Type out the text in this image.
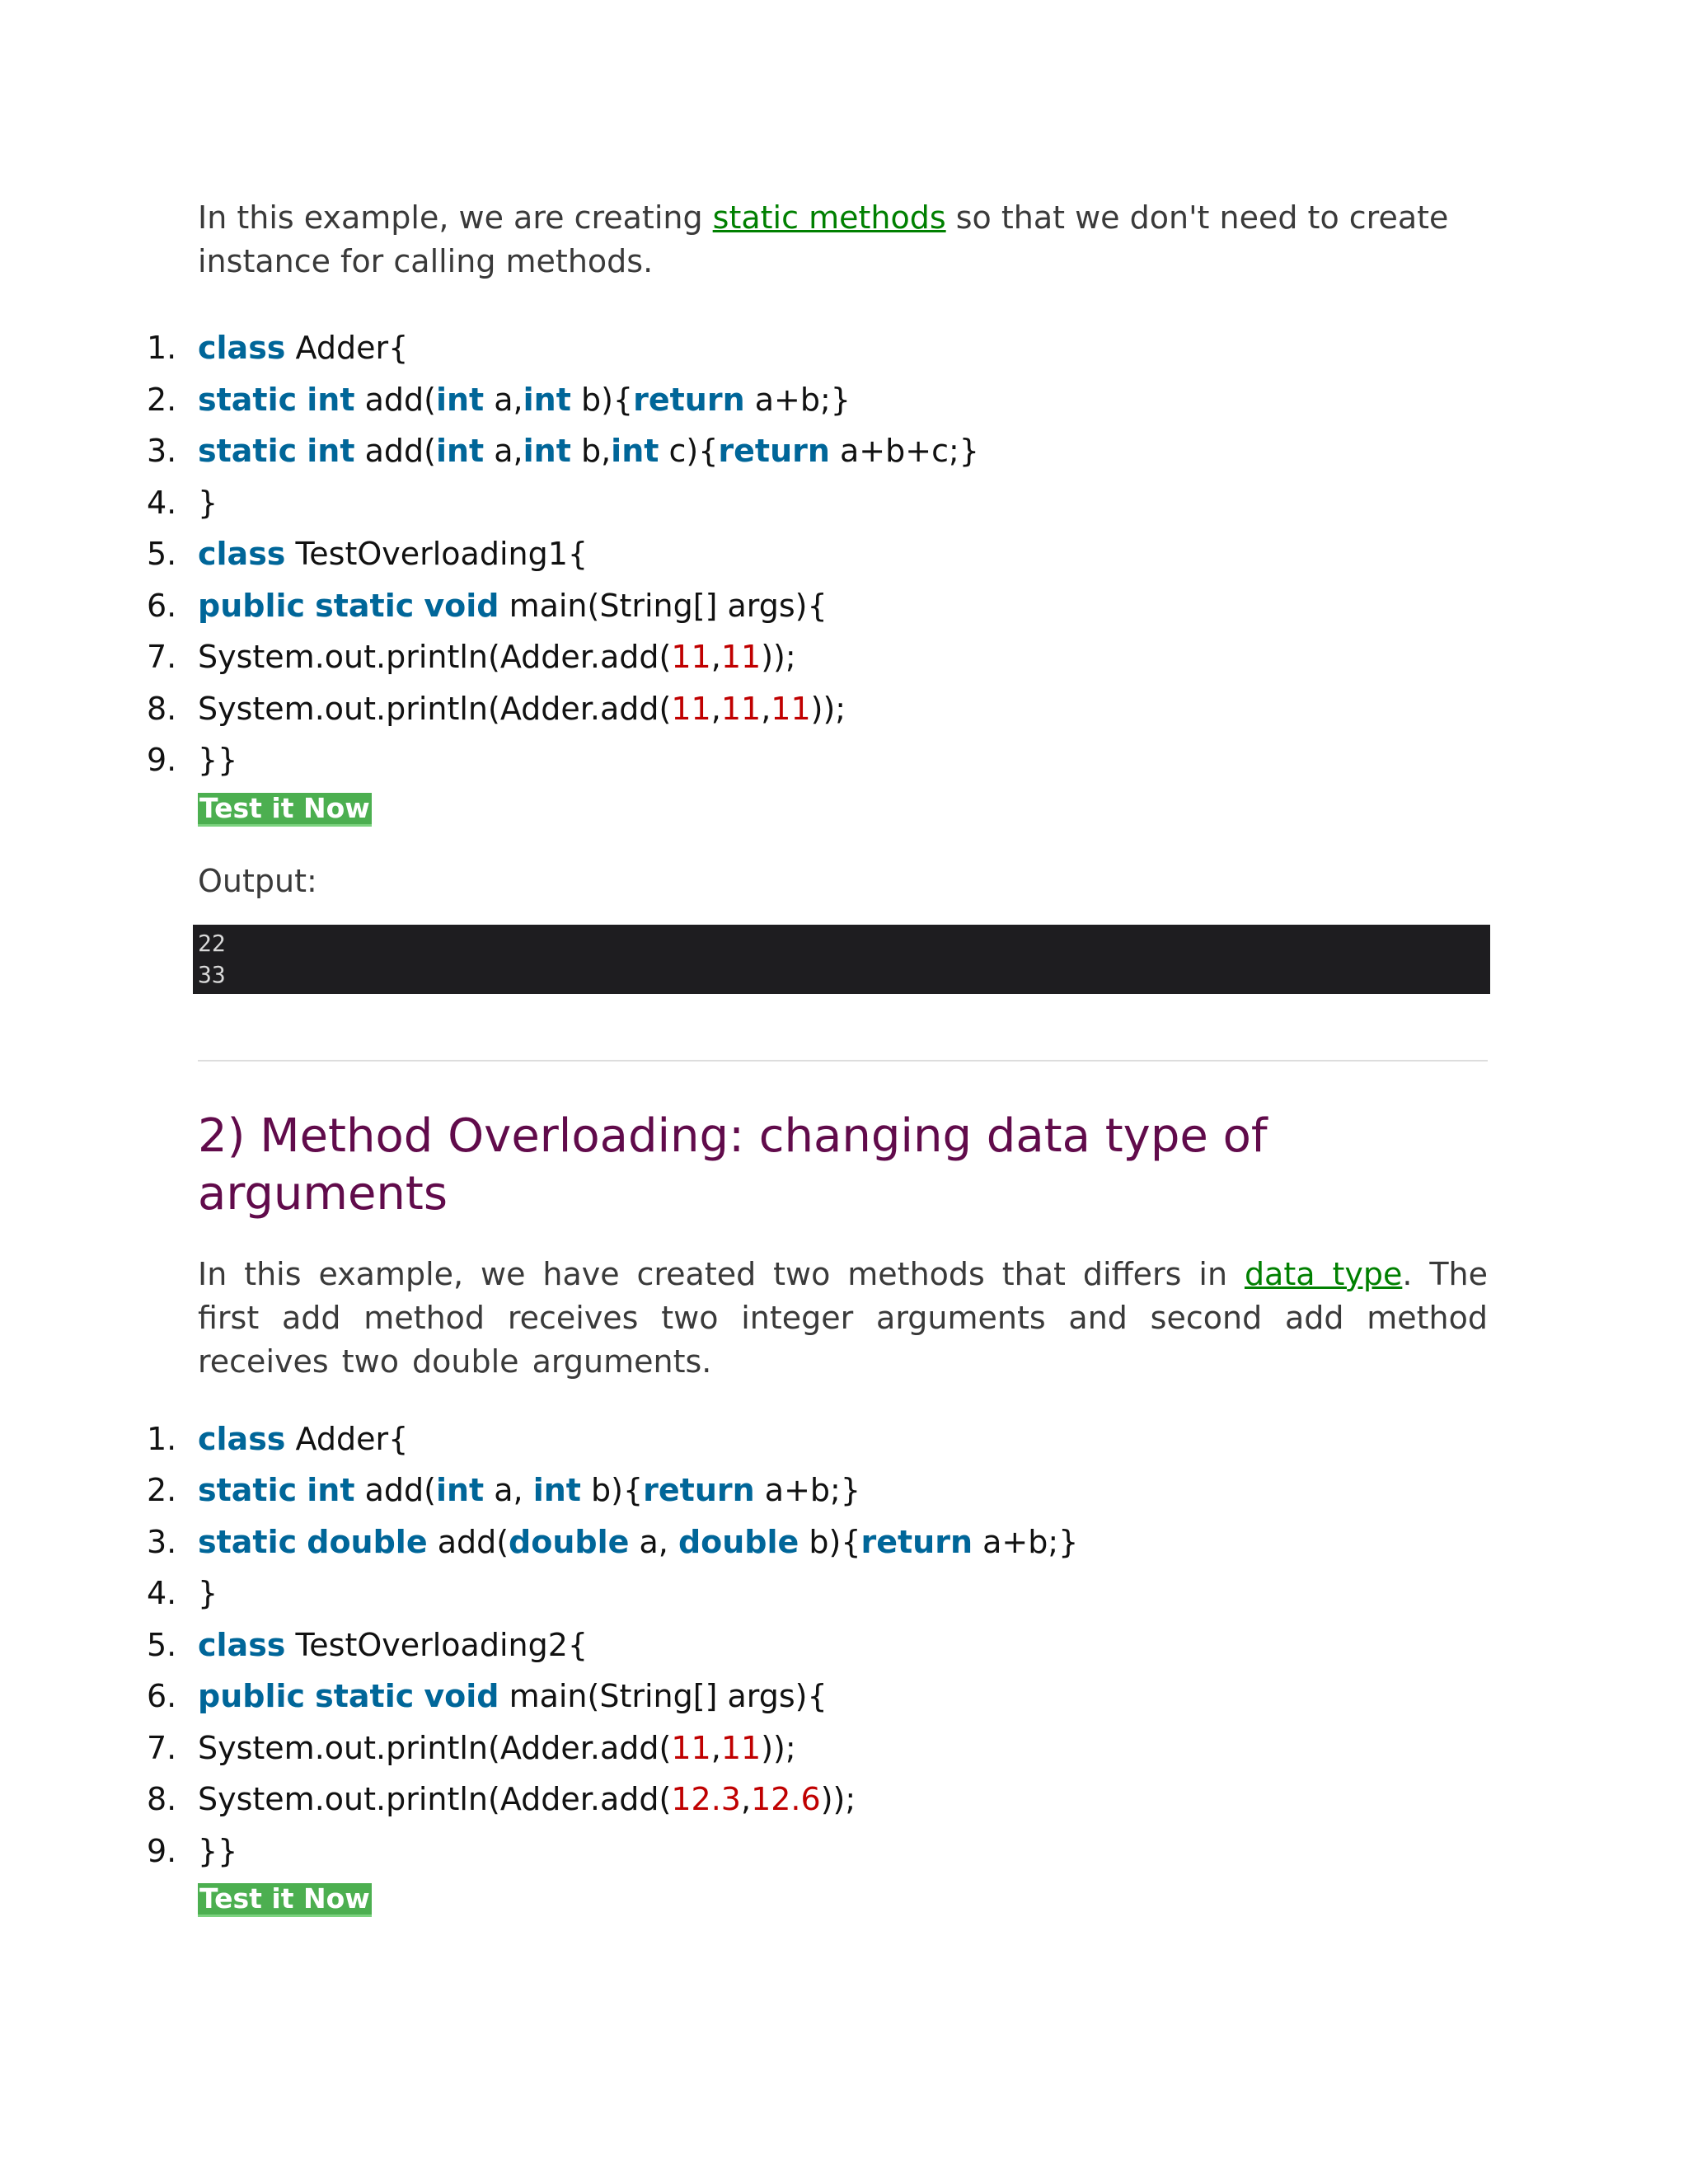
In this example, we are creating static methods so that we don't need to create instance for calling methods.

1. class Adder{
2. static int add(int a,int b){return a+b;}
3. static int add(int a,int b,int c){return a+b+c;}
4. }
5. class TestOverloading1{
6. public static void main(String[] args){
7. System.out.println(Adder.add(11,11));
8. System.out.println(Adder.add(11,11,11));
9. }}
Test it Now

Output:

22
33
2) Method Overloading: changing data type of arguments

In this example, we have created two methods that differs in data type. The first add method receives two integer arguments and second add method receives two double arguments.

1. class Adder{
2. static int add(int a, int b){return a+b;}
3. static double add(double a, double b){return a+b;}
4. }
5. class TestOverloading2{
6. public static void main(String[] args){
7. System.out.println(Adder.add(11,11));
8. System.out.println(Adder.add(12.3,12.6));
9. }}
Test it Now
